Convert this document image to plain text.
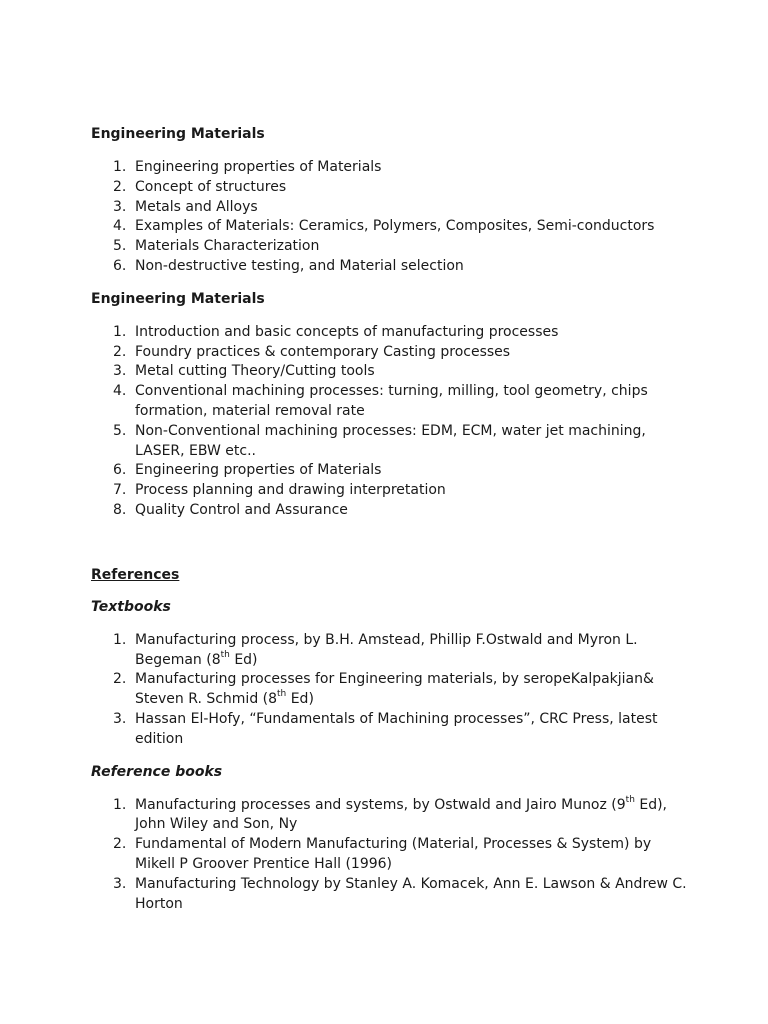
Engineering Materials
1. Engineering properties of Materials
2. Concept of structures
3. Metals and Alloys
4. Examples of Materials: Ceramics, Polymers, Composites, Semi-conductors
5. Materials Characterization
6. Non-destructive testing, and Material selection
Engineering Materials
1. Introduction and basic concepts of manufacturing processes
2. Foundry practices & contemporary Casting processes
3. Metal cutting Theory/Cutting tools
4. Conventional machining processes: turning, milling, tool geometry, chips formation, material removal rate
5. Non-Conventional machining processes: EDM, ECM, water jet machining, LASER, EBW etc..
6. Engineering properties of Materials
7. Process planning and drawing interpretation
8. Quality Control and Assurance
References
Textbooks
1. Manufacturing process, by B.H. Amstead, Phillip F.Ostwald and Myron L. Begeman (8th Ed)
2. Manufacturing processes for Engineering materials, by seropeKalpakjian& Steven R. Schmid (8th Ed)
3. Hassan El-Hofy, “Fundamentals of Machining processes”, CRC Press, latest edition
Reference books
1. Manufacturing processes and systems, by Ostwald and Jairo Munoz (9th Ed), John Wiley and Son, Ny
2. Fundamental of Modern Manufacturing (Material, Processes & System) by Mikell P Groover Prentice Hall (1996)
3. Manufacturing Technology by Stanley A. Komacek, Ann E. Lawson & Andrew C. Horton
